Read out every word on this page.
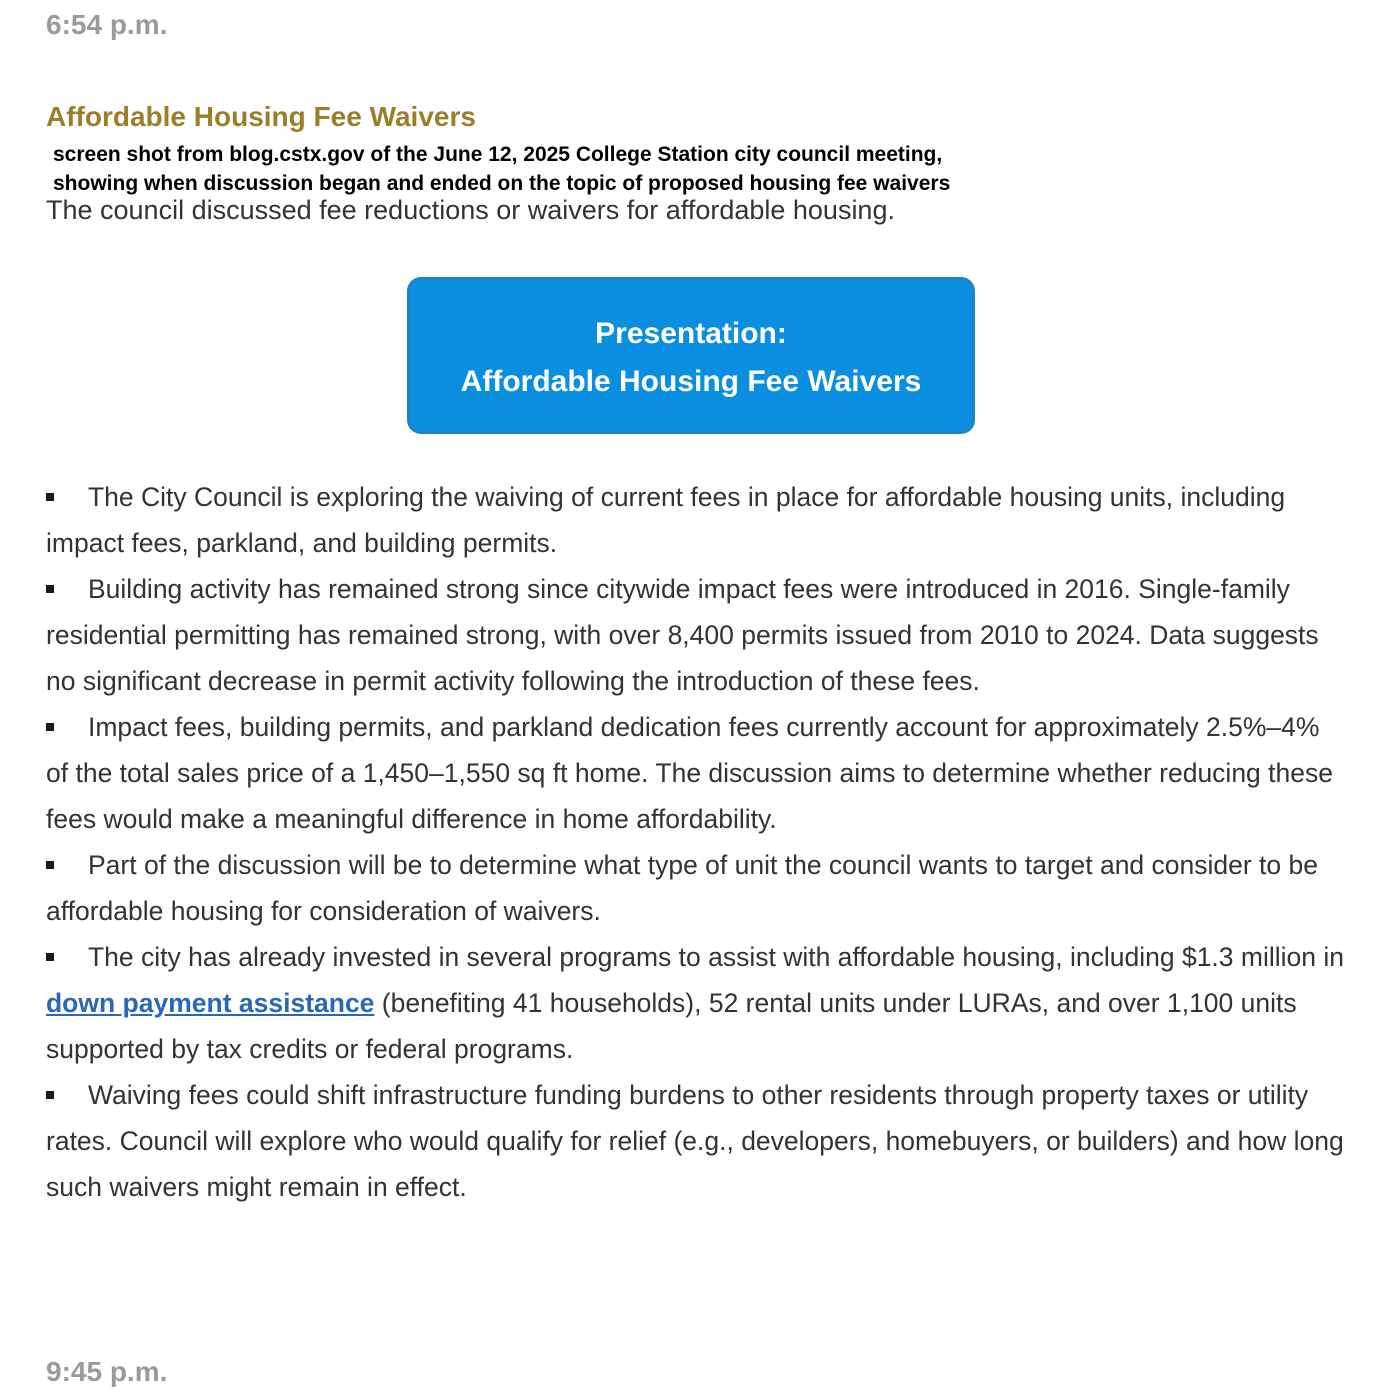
6:54 p.m.

Affordable Housing Fee Waivers

screen shot from blog.cstx.gov of the June 12, 2025 College Station city council meeting,
showing when discussion began and ended on the topic of proposed housing fee waivers

The council discussed fee reductions or waivers for affordable housing.

Presentation:
Affordable Housing Fee Waivers
The City Council is exploring the waiving of current fees in place for affordable housing units, including impact fees, parkland, and building permits.
Building activity has remained strong since citywide impact fees were introduced in 2016. Single-family residential permitting has remained strong, with over 8,400 permits issued from 2010 to 2024. Data suggests no significant decrease in permit activity following the introduction of these fees.
Impact fees, building permits, and parkland dedication fees currently account for approximately 2.5%–4% of the total sales price of a 1,450–1,550 sq ft home. The discussion aims to determine whether reducing these fees would make a meaningful difference in home affordability.
Part of the discussion will be to determine what type of unit the council wants to target and consider to be affordable housing for consideration of waivers.
The city has already invested in several programs to assist with affordable housing, including $1.3 million in down payment assistance (benefiting 41 households), 52 rental units under LURAs, and over 1,100 units supported by tax credits or federal programs.
Waiving fees could shift infrastructure funding burdens to other residents through property taxes or utility rates. Council will explore who would qualify for relief (e.g., developers, homebuyers, or builders) and how long such waivers might remain in effect.

9:45 p.m.
